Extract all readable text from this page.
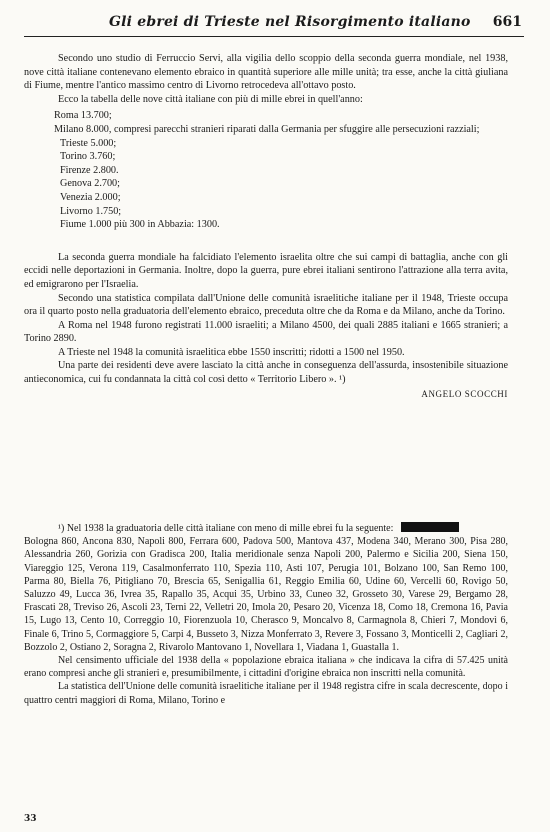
Gli ebrei di Trieste nel Risorgimento italiano 661

Secondo uno studio di Ferruccio Servi, alla vigilia dello scoppio della seconda guerra mondiale, nel 1938, nove città italiane contenevano elemento ebraico in quantità superiore alle mille unità; tra esse, anche la città giuliana di Fiume, mentre l'antico massimo centro di Livorno retrocedeva all'ottavo posto.

Ecco la tabella delle nove città italiane con più di mille ebrei in quell'anno:

Roma 13.700;
Milano 8.000, compresi parecchi stranieri riparati dalla Germania per sfuggire alle persecuzioni razziali;
Trieste 5.000;
Torino 3.760;
Firenze 2.800.
Genova 2.700;
Venezia 2.000;
Livorno 1.750;
Fiume 1.000 più 300 in Abbazia: 1300.

La seconda guerra mondiale ha falcidiato l'elemento israelita oltre che sui campi di battaglia, anche con gli eccidi nelle deportazioni in Germania. Inoltre, dopo la guerra, pure ebrei italiani sentirono l'attrazione alla terra avita, ed emigrarono per l'Israelia.

Secondo una statistica compilata dall'Unione delle comunità israelitiche italiane per il 1948, Trieste occupa ora il quarto posto nella graduatoria dell'elemento ebraico, preceduta oltre che da Roma e da Milano, anche da Torino.

A Roma nel 1948 furono registrati 11.000 israeliti; a Milano 4500, dei quali 2885 italiani e 1665 stranieri; a Torino 2890.

A Trieste nel 1948 la comunità israelitica ebbe 1550 inscritti; ridotti a 1500 nel 1950.

Una parte dei residenti deve avere lasciato la città anche in conseguenza dell'assurda, insostenibile situazione antieconomica, cui fu condannata la città col così detto « Territorio Libero ». ¹)

ANGELO SCOCCHI

¹) Nel 1938 la graduatoria delle città italiane con meno di mille ebrei fu la seguente:

Bologna 860, Ancona 830, Napoli 800, Ferrara 600, Padova 500, Mantova 437, Modena 340, Merano 300, Pisa 280, Alessandria 260, Gorizia con Gradisca 200, Italia meridionale senza Napoli 200, Palermo e Sicilia 200, Siena 150, Viareggio 125, Verona 119, Casalmonferrato 110, Spezia 110, Asti 107, Perugia 101, Bolzano 100, San Remo 100, Parma 80, Biella 76, Pitigliano 70, Brescia 65, Senigallia 61, Reggio Emilia 60, Udine 60, Vercelli 60, Rovigo 50, Saluzzo 49, Lucca 36, Ivrea 35, Rapallo 35, Acqui 35, Urbino 33, Cuneo 32, Grosseto 30, Varese 29, Bergamo 28, Frascati 28, Treviso 26, Ascoli 23, Terni 22, Velletri 20, Imola 20, Pesaro 20, Vicenza 18, Como 18, Cremona 16, Pavia 15, Lugo 13, Cento 10, Correggio 10, Fiorenzuola 10, Cherasco 9, Moncalvo 8, Carmagnola 8, Chieri 7, Mondovì 6, Finale 6, Trino 5, Cormaggiore 5, Carpi 4, Busseto 3, Nizza Monferrato 3, Revere 3, Fossano 3, Monticelli 2, Cagliari 2, Bozzolo 2, Ostiano 2, Soragna 2, Rivarolo Mantovano 1, Novellara 1, Viadana 1, Guastalla 1.

Nel censimento ufficiale del 1938 della « popolazione ebraica italiana » che indicava la cifra di 57.425 unità erano compresi anche gli stranieri e, presumibilmente, i cittadini d'origine ebraica non inscritti nella comunità.

La statistica dell'Unione delle comunità israelitiche italiane per il 1948 registra cifre in scala decrescente, dopo i quattro centri maggiori di Roma, Milano, Torino e

33
